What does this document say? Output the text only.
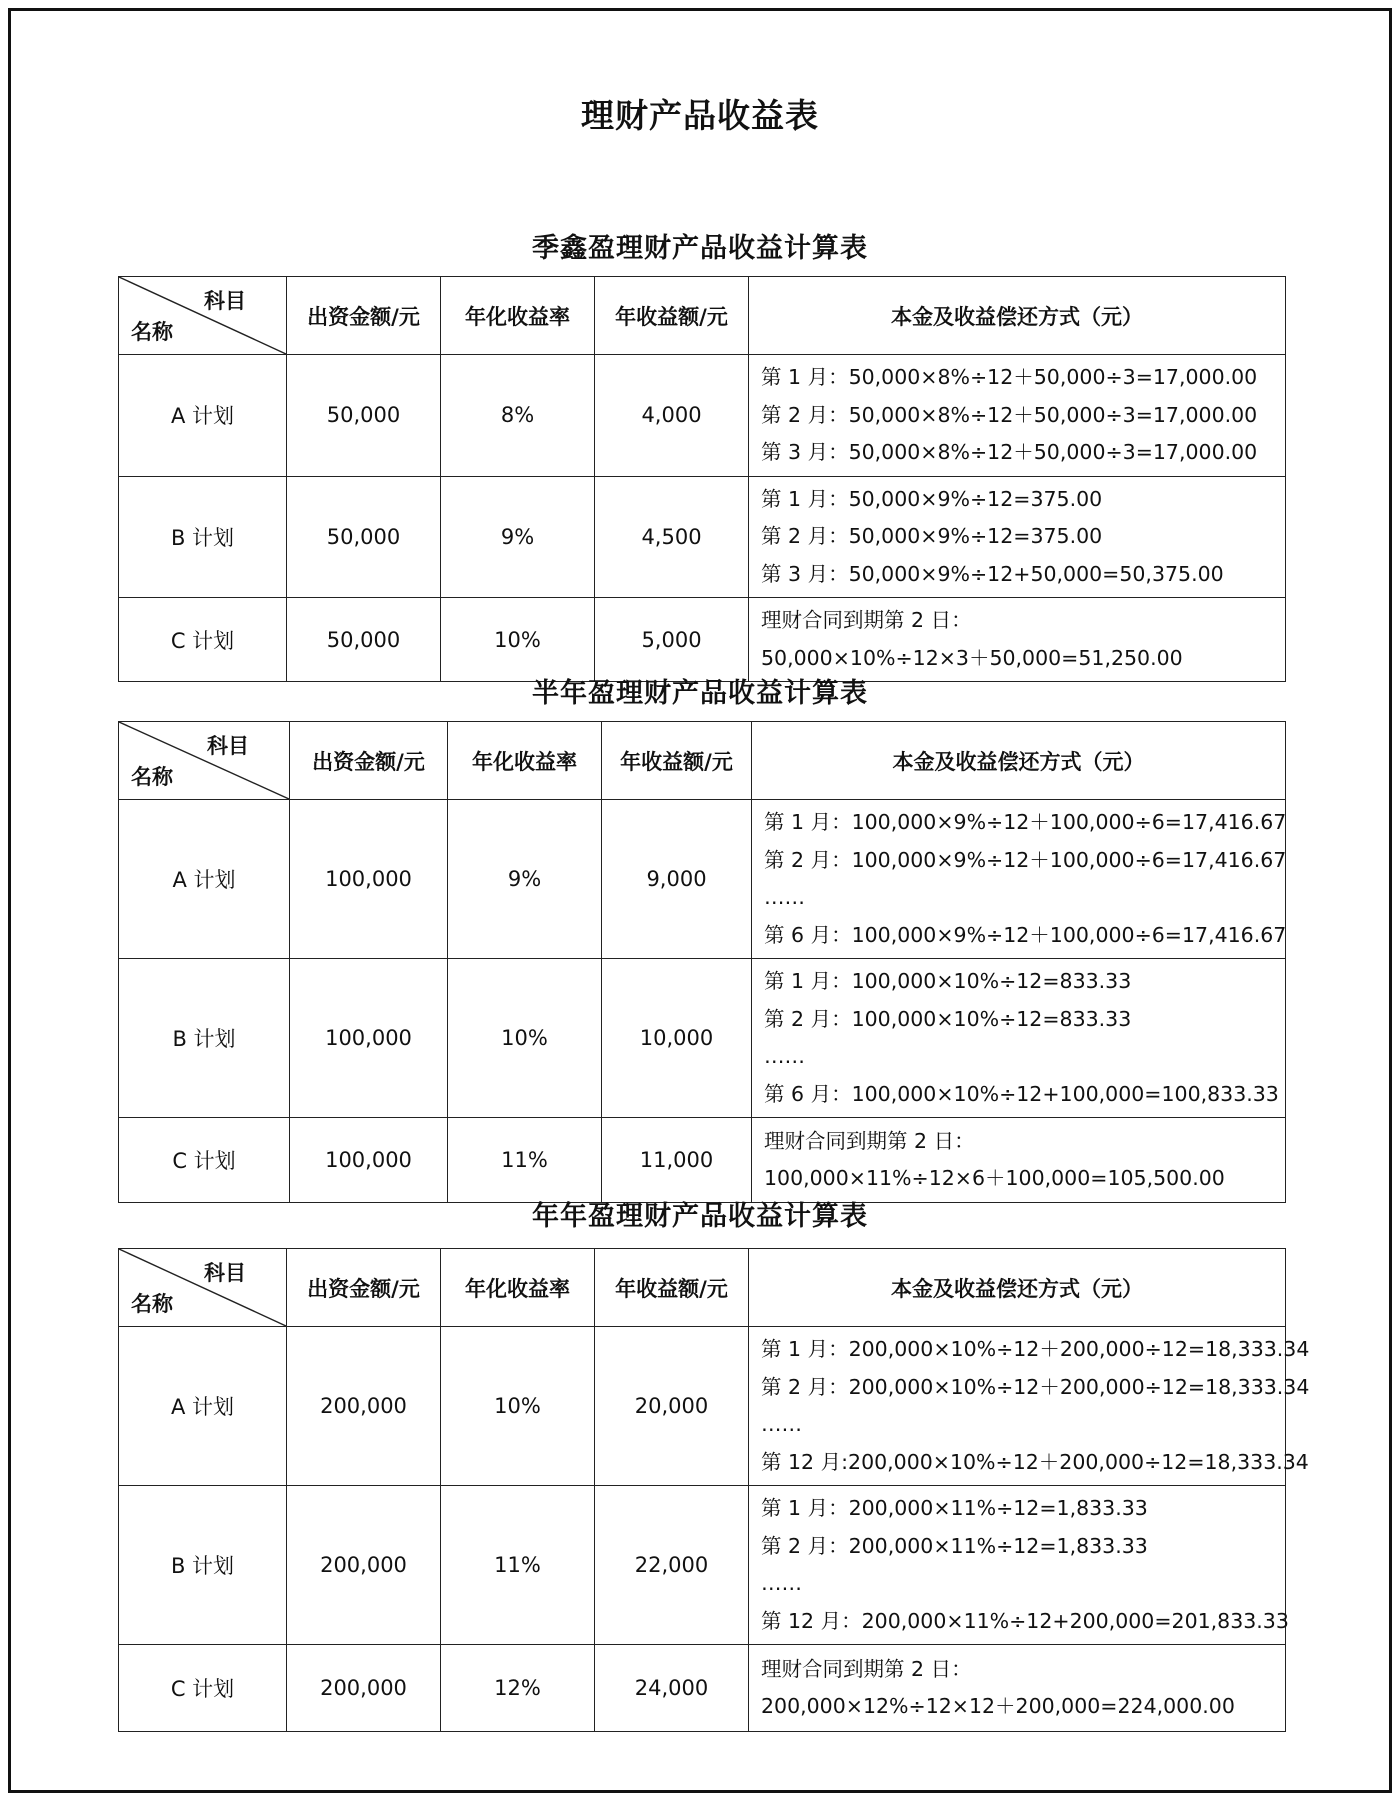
理财产品收益表
季鑫盈理财产品收益计算表
科目
名称	出资金额/元	年化收益率	年收益额/元	本金及收益偿还方式（元）
A 计划	50,000	8%	4,000	第 1 月：50,000×8%÷12＋50,000÷3=17,000.00
第 2 月：50,000×8%÷12＋50,000÷3=17,000.00
第 3 月：50,000×8%÷12＋50,000÷3=17,000.00

B 计划	50,000	9%	4,500	第 1 月：50,000×9%÷12=375.00
第 2 月：50,000×9%÷12=375.00
第 3 月：50,000×9%÷12+50,000=50,375.00

C 计划	50,000	10%	5,000	理财合同到期第 2 日：
50,000×10%÷12×3＋50,000=51,250.00
半年盈理财产品收益计算表
科目
名称	出资金额/元	年化收益率	年收益额/元	本金及收益偿还方式（元）
A 计划	100,000	9%	9,000	第 1 月：100,000×9%÷12＋100,000÷6=17,416.67
第 2 月：100,000×9%÷12＋100,000÷6=17,416.67
……
第 6 月：100,000×9%÷12＋100,000÷6=17,416.67

B 计划	100,000	10%	10,000	第 1 月：100,000×10%÷12=833.33
第 2 月：100,000×10%÷12=833.33
……
第 6 月：100,000×10%÷12+100,000=100,833.33

C 计划	100,000	11%	11,000	理财合同到期第 2 日：
100,000×11%÷12×6＋100,000=105,500.00
年年盈理财产品收益计算表
科目
名称	出资金额/元	年化收益率	年收益额/元	本金及收益偿还方式（元）
A 计划	200,000	10%	20,000	第 1 月：200,000×10%÷12＋200,000÷12=18,333.34
第 2 月：200,000×10%÷12＋200,000÷12=18,333.34
……
第 12 月:200,000×10%÷12＋200,000÷12=18,333.34

B 计划	200,000	11%	22,000	第 1 月：200,000×11%÷12=1,833.33
第 2 月：200,000×11%÷12=1,833.33
……
第 12 月：200,000×11%÷12+200,000=201,833.33

C 计划	200,000	12%	24,000	理财合同到期第 2 日：
200,000×12%÷12×12＋200,000=224,000.00
